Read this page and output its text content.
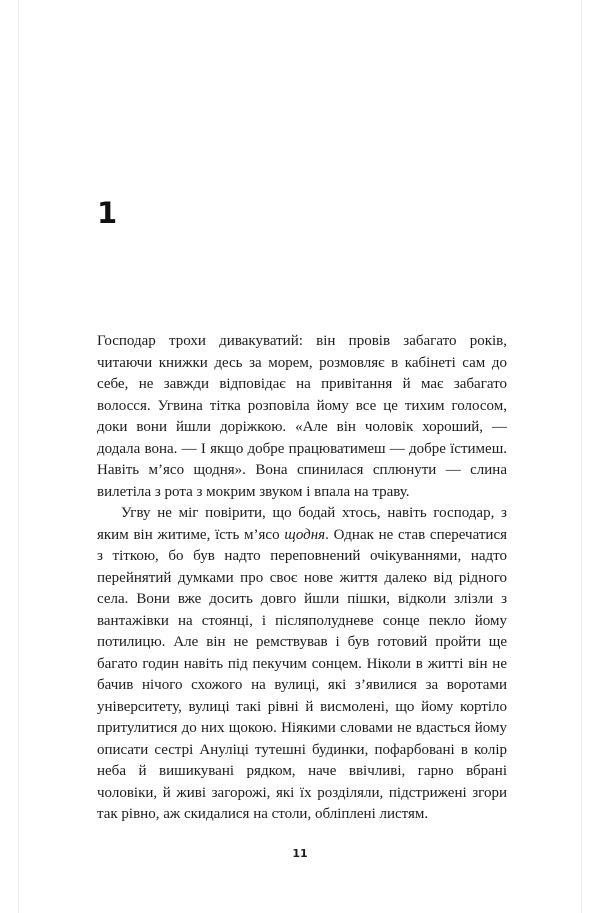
1

Господар трохи дивакуватий: він провів забагато років, читаючи книжки десь за морем, розмовляє в кабінеті сам до себе, не завжди відповідає на привітання й має забагато волосся. Угвина тітка розповіла йому все це тихим голосом, доки вони йшли доріжкою. «Але він чоловік хороший, — додала вона. — І якщо добре працюватимеш — добре їстимеш. Навіть м’ясо щодня». Вона спинилася сплюнути — слина вилетіла з рота з мокрим звуком і впала на траву.

Угву не міг повірити, що бодай хтось, навіть господар, з яким він житиме, їсть м’ясо щодня. Однак не став сперечатися з тіткою, бо був надто переповнений очікуваннями, надто перейнятий думками про своє нове життя далеко від рідного села. Вони вже досить довго йшли пішки, відколи злізли з вантажівки на стоянці, і післяполудневе сонце пекло йому потилицю. Але він не ремствував і був готовий пройти ще багато годин навіть під пекучим сонцем. Ніколи в житті він не бачив нічого схожого на вулиці, які з’явилися за воротами університету, вулиці такі рівні й висмолені, що йому кортіло притулитися до них щокою. Ніякими словами не вдасться йому описати сестрі Ануліці тутешні будинки, пофарбовані в колір неба й вишикувані рядком, наче ввічливі, гарно вбрані чоловіки, й живі загорожі, які їх розділяли, підстрижені згори так рівно, аж скидалися на столи, обліплені листям.

11
